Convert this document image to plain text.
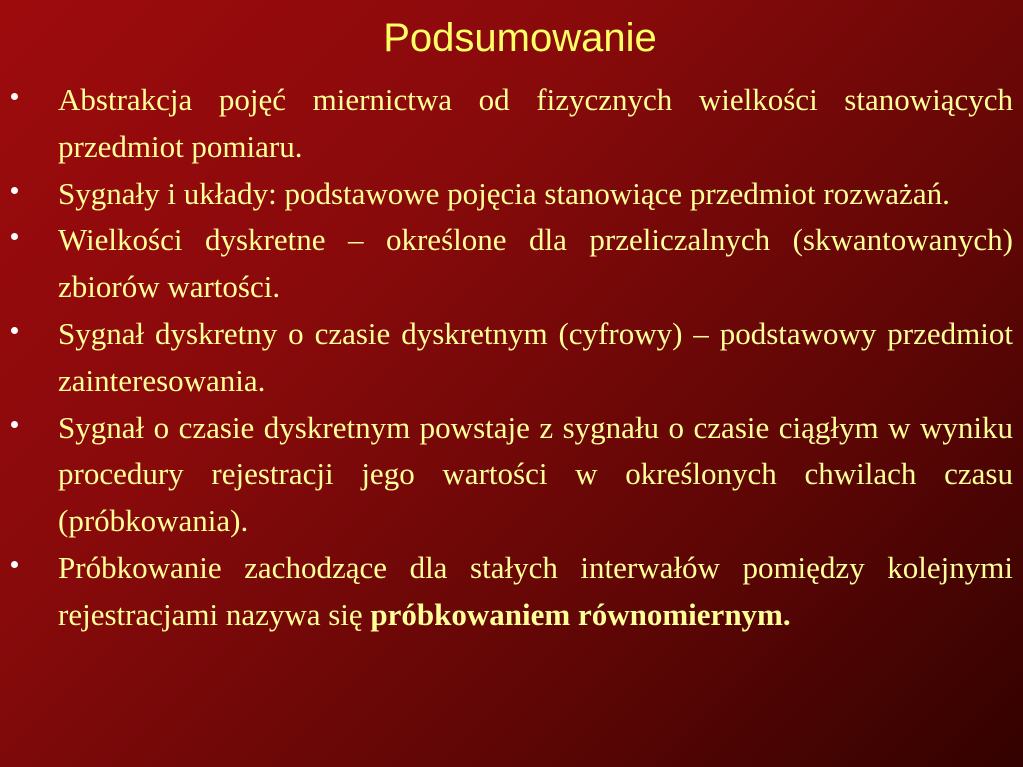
Podsumowanie

Abstrakcja pojęć miernictwa od fizycznych wielkości stanowiących przedmiot pomiaru.

Sygnały i układy: podstawowe pojęcia stanowiące przedmiot rozważań.

Wielkości dyskretne – określone dla przeliczalnych (skwantowanych) zbiorów wartości.

Sygnał dyskretny o czasie dyskretnym (cyfrowy) – podstawowy przedmiot zainteresowania.

Sygnał o czasie dyskretnym powstaje z sygnału o czasie ciągłym w wyniku procedury rejestracji jego wartości w określonych chwilach czasu (próbkowania).

Próbkowanie zachodzące dla stałych interwałów pomiędzy kolejnymi rejestracjami nazywa się próbkowaniem równomiernym.
